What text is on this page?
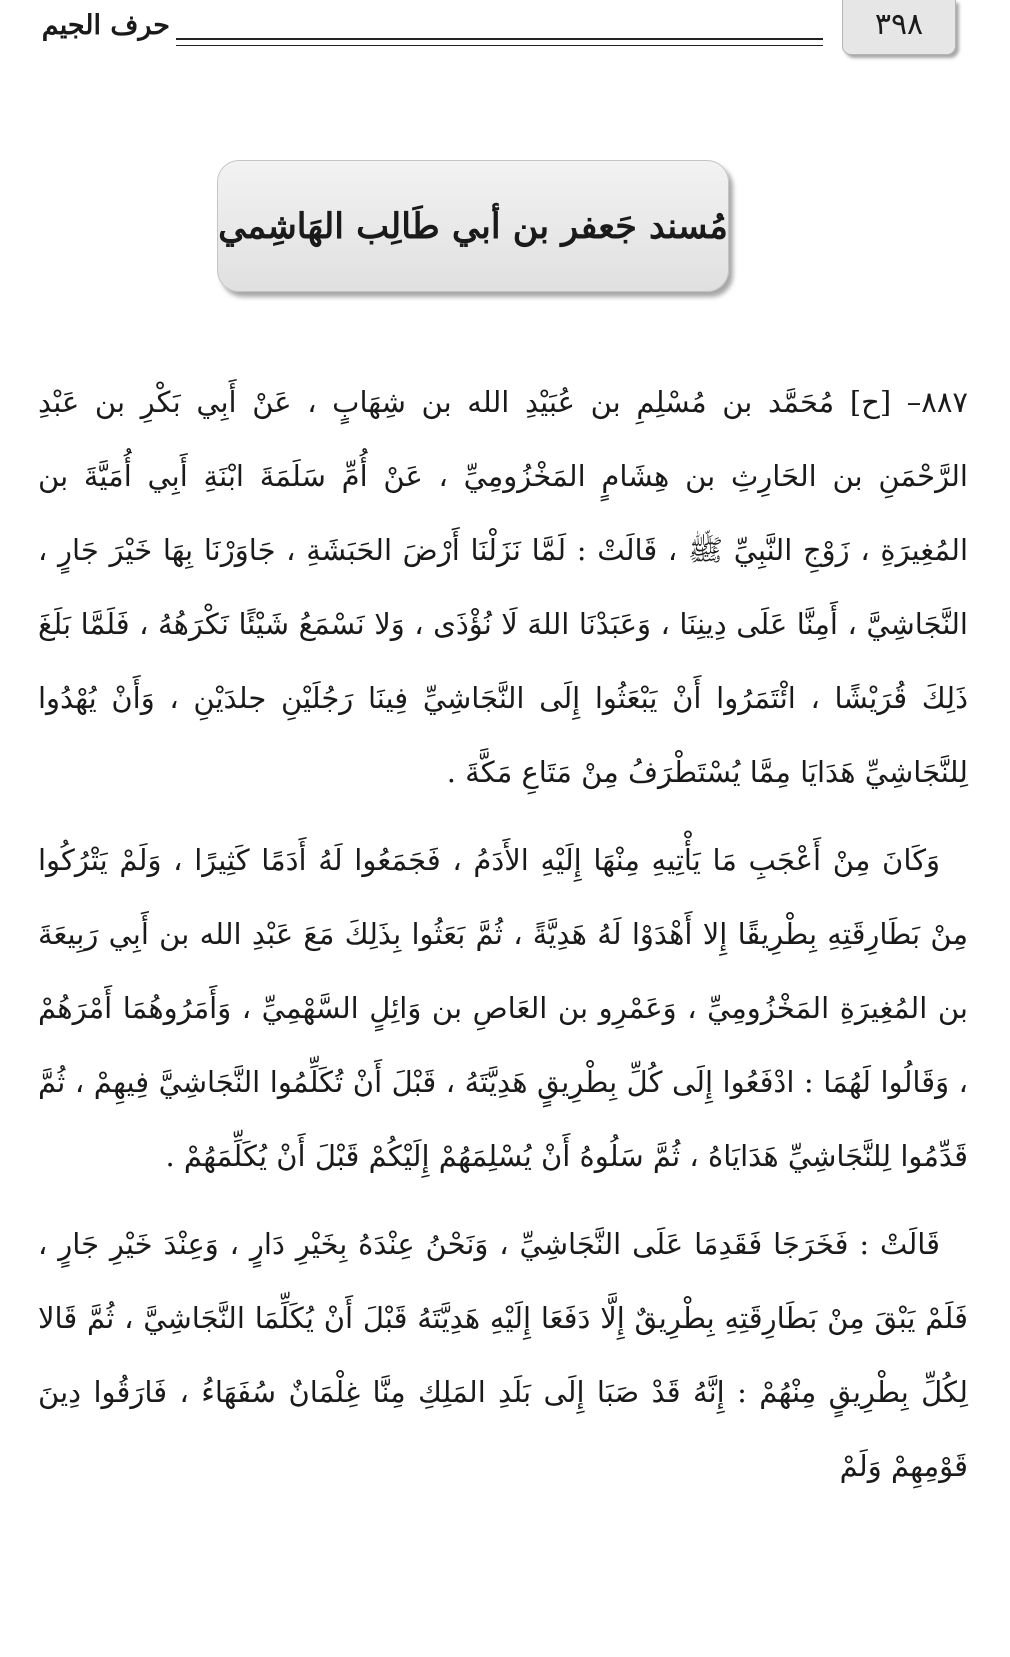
٣٩٨
حرف الجيم
مُسند جَعفر بن أبي طَالِب الهَاشِمي

٨٨٧– [ح] مُحَمَّد بن مُسْلِمِ بن عُبَيْدِ الله بن شِهَابٍ ، عَنْ أَبِي بَكْرِ بن عَبْدِ الرَّحْمَنِ بن الحَارِثِ بن هِشَامٍ المَخْزُومِيِّ ، عَنْ أُمِّ سَلَمَةَ ابْنَةِ أَبِي أُمَيَّةَ بن المُغِيرَةِ ، زَوْجِ النَّبِيِّ ﷺ ، قَالَتْ : لَمَّا نَزَلْنَا أَرْضَ الحَبَشَةِ ، جَاوَرْنَا بِهَا خَيْرَ جَارٍ ، النَّجَاشِيَّ ، أَمِنَّا عَلَى دِينِنَا ، وَعَبَدْنَا اللهَ لَا نُؤْذَى ، وَلا نَسْمَعُ شَيْئًا نَكْرَهُهُ ، فَلَمَّا بَلَغَ ذَلِكَ قُرَيْشًا ، ائْتَمَرُوا أَنْ يَبْعَثُوا إِلَى النَّجَاشِيِّ فِينَا رَجُلَيْنِ جلدَيْنِ ، وَأَنْ يُهْدُوا لِلنَّجَاشِيِّ هَدَايَا مِمَّا يُسْتَطْرَفُ مِنْ مَتَاعِ مَكَّةَ .

وَكَانَ مِنْ أَعْجَبِ مَا يَأْتِيهِ مِنْهَا إِلَيْهِ الأَدَمُ ، فَجَمَعُوا لَهُ أَدَمًا كَثِيرًا ، وَلَمْ يَتْرُكُوا مِنْ بَطَارِقَتِهِ بِطْرِيقًا إِلا أَهْدَوْا لَهُ هَدِيَّةً ، ثُمَّ بَعَثُوا بِذَلِكَ مَعَ عَبْدِ الله بن أَبِي رَبِيعَةَ بن المُغِيرَةِ المَخْزُومِيِّ ، وَعَمْرِو بن العَاصِ بن وَائِلٍ السَّهْمِيِّ ، وَأَمَرُوهُمَا أَمْرَهُمْ ، وَقَالُوا لَهُمَا : ادْفَعُوا إِلَى كُلِّ بِطْرِيقٍ هَدِيَّتَهُ ، قَبْلَ أَنْ تُكَلِّمُوا النَّجَاشِيَّ فِيهِمْ ، ثُمَّ قَدِّمُوا لِلنَّجَاشِيِّ هَدَايَاهُ ، ثُمَّ سَلُوهُ أَنْ يُسْلِمَهُمْ إِلَيْكُمْ قَبْلَ أَنْ يُكَلِّمَهُمْ .

قَالَتْ : فَخَرَجَا فَقَدِمَا عَلَى النَّجَاشِيِّ ، وَنَحْنُ عِنْدَهُ بِخَيْرِ دَارٍ ، وَعِنْدَ خَيْرِ جَارٍ ، فَلَمْ يَبْقَ مِنْ بَطَارِقَتِهِ بِطْرِيقٌ إِلَّا دَفَعَا إِلَيْهِ هَدِيَّتَهُ قَبْلَ أَنْ يُكَلِّمَا النَّجَاشِيَّ ، ثُمَّ قَالا لِكُلِّ بِطْرِيقٍ مِنْهُمْ : إِنَّهُ قَدْ صَبَا إِلَى بَلَدِ المَلِكِ مِنَّا غِلْمَانٌ سُفَهَاءُ ، فَارَقُوا دِينَ قَوْمِهِمْ وَلَمْ
